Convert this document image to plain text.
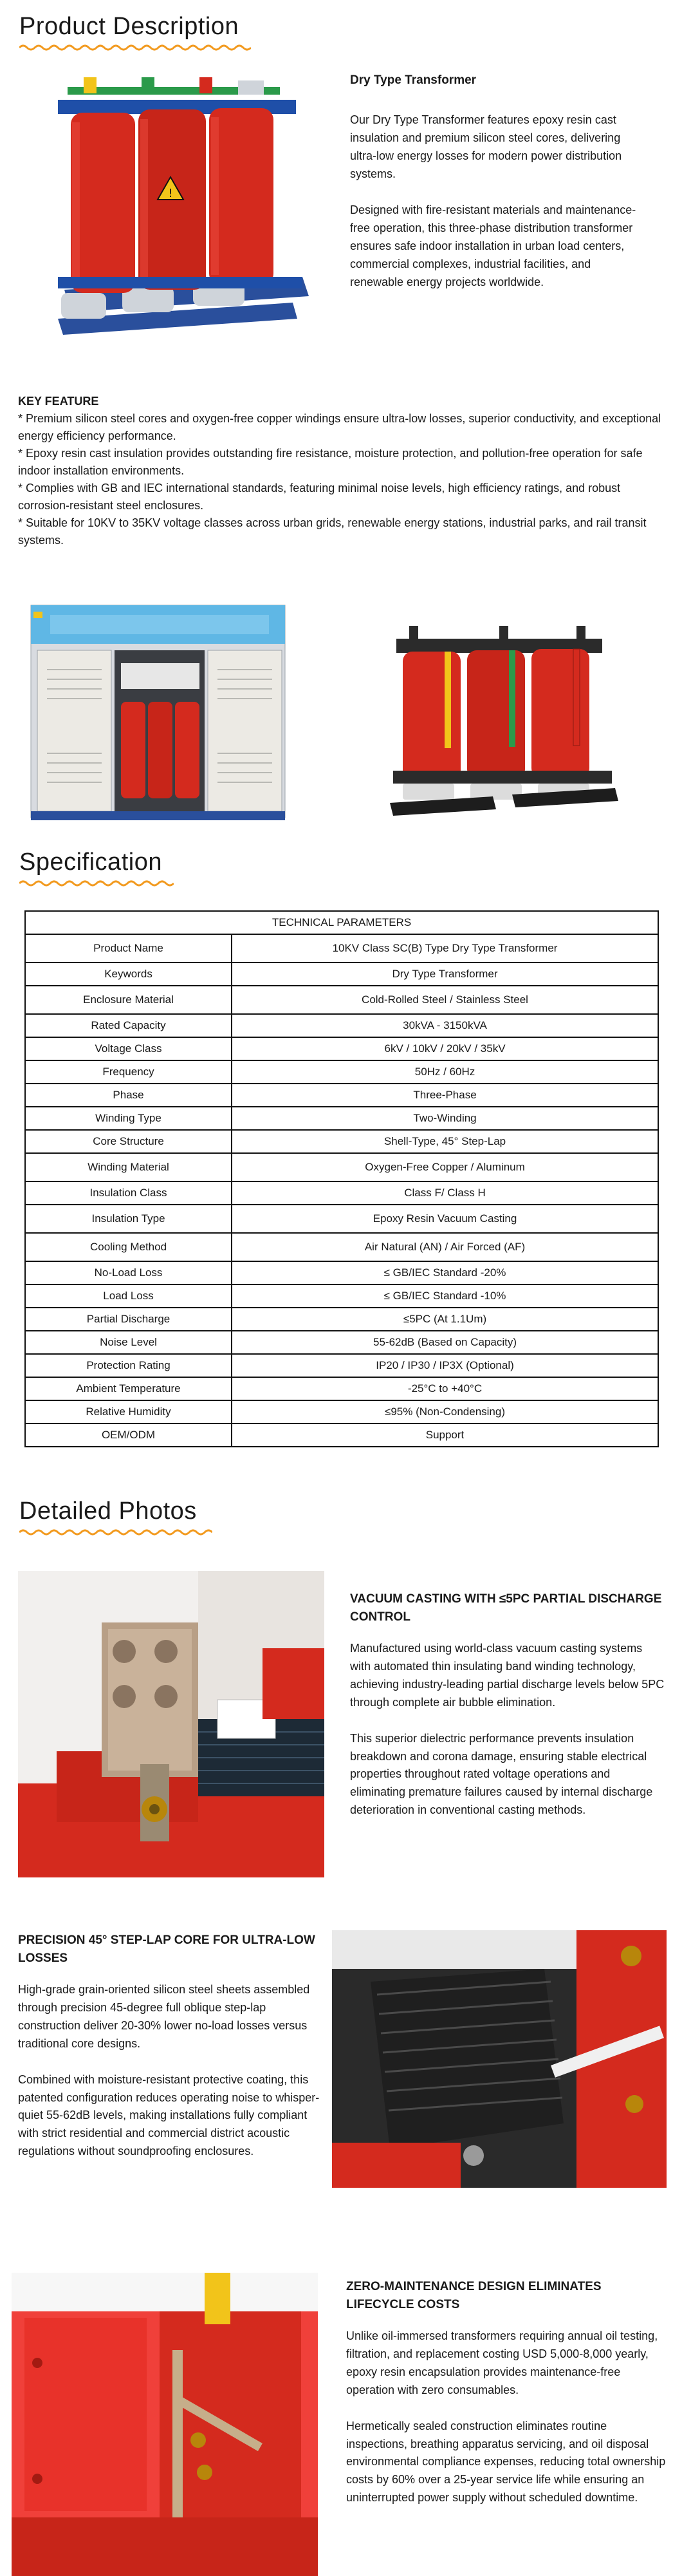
Product Description
!
Dry Type Transformer

Our Dry Type Transformer features epoxy resin cast insulation and premium silicon steel cores, delivering ultra-low energy losses for modern power distribution systems.

Designed with fire-resistant materials and maintenance-free operation, this three-phase distribution transformer ensures safe indoor installation in urban load centers, commercial complexes, industrial facilities, and renewable energy projects worldwide.

KEY FEATURE
* Premium silicon steel cores and oxygen-free copper windings ensure ultra-low losses, superior conductivity, and exceptional energy efficiency performance.
* Epoxy resin cast insulation provides outstanding fire resistance, moisture protection, and pollution-free operation for safe indoor installation environments.
* Complies with GB and IEC international standards, featuring minimal noise levels, high efficiency ratings, and robust corrosion-resistant steel enclosures.
* Suitable for 10KV to 35KV voltage classes across urban grids, renewable energy stations, industrial parks, and rail transit systems.
Specification
TECHNICAL PARAMETERS	
Product Name	10KV Class SC(B) Type Dry Type Transformer
Keywords	Dry Type Transformer
Enclosure Material	Cold-Rolled Steel / Stainless Steel
Rated Capacity	30kVA - 3150kVA
Voltage Class	6kV / 10kV / 20kV / 35kV
Frequency	50Hz / 60Hz
Phase	Three-Phase
Winding Type	Two-Winding
Core Structure	Shell-Type, 45° Step-Lap
Winding Material	Oxygen-Free Copper / Aluminum
Insulation Class	Class F/ Class H
Insulation Type	Epoxy Resin Vacuum Casting
Cooling Method	Air Natural (AN) / Air Forced (AF)
No-Load Loss	≤ GB/IEC Standard -20%
Load Loss	≤ GB/IEC Standard -10%
Partial Discharge	≤5PC (At 1.1Um)
Noise Level	55-62dB (Based on Capacity)
Protection Rating	IP20 / IP30 / IP3X (Optional)
Ambient Temperature	-25°C to +40°C
Relative Humidity	≤95% (Non-Condensing)
OEM/ODM	Support
Detailed Photos
VACUUM CASTING WITH ≤5PC PARTIAL DISCHARGE CONTROL

Manufactured using world-class vacuum casting systems with automated thin insulating band winding technology, achieving industry-leading partial discharge levels below 5PC through complete air bubble elimination.

This superior dielectric performance prevents insulation breakdown and corona damage, ensuring stable electrical properties throughout rated voltage operations and eliminating premature failures caused by internal discharge deterioration in conventional casting methods.

PRECISION 45° STEP-LAP CORE FOR ULTRA-LOW LOSSES

High-grade grain-oriented silicon steel sheets assembled through precision 45-degree full oblique step-lap construction deliver 20-30% lower no-load losses versus traditional core designs.

Combined with moisture-resistant protective coating, this patented configuration reduces operating noise to whisper-quiet 55-62dB levels, making installations fully compliant with strict residential and commercial district acoustic regulations without soundproofing enclosures.

ZERO-MAINTENANCE DESIGN ELIMINATES LIFECYCLE COSTS

Unlike oil-immersed transformers requiring annual oil testing, filtration, and replacement costing USD 5,000-8,000 yearly, epoxy resin encapsulation provides maintenance-free operation with zero consumables.

Hermetically sealed construction eliminates routine inspections, breathing apparatus servicing, and oil disposal environmental compliance expenses, reducing total ownership costs by 60% over a 25-year service life while ensuring an uninterrupted power supply without scheduled downtime.
